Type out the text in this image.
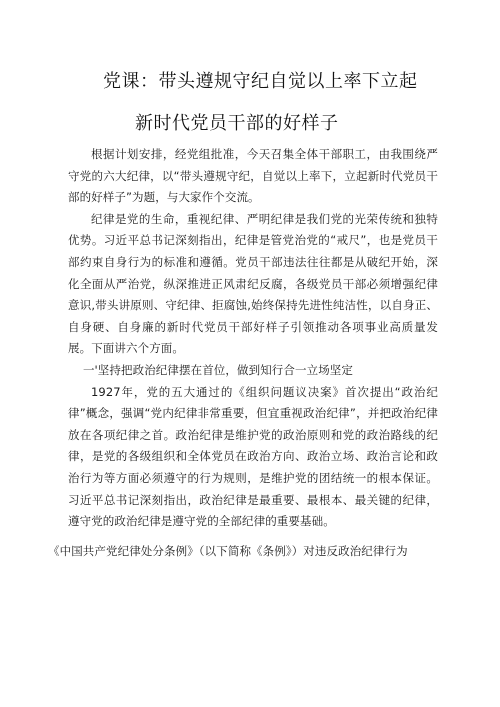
党课：带头遵规守纪自觉以上率下立起
新时代党员干部的好样子

根据计划安排，经党组批准，今天召集全体干部职工，由我围绕严守党的六大纪律，以“带头遵规守纪，自觉以上率下，立起新时代党员干部的好样子”为题，与大家作个交流。

纪律是党的生命，重视纪律、严明纪律是我们党的光荣传统和独特优势。习近平总书记深刻指出，纪律是管党治党的“戒尺”，也是党员干部约束自身行为的标准和遵循。党员干部违法往往都是从破纪开始，深化全面从严治党，纵深推进正风肃纪反腐，各级党员干部必须增强纪律意识,带头讲原则、守纪律、拒腐蚀,始终保持先进性纯洁性，以自身正、自身硬、自身廉的新时代党员干部好样子引领推动各项事业高质量发展。下面讲六个方面。

一'坚持把政治纪律摆在首位，做到知行合一立场坚定

1927年，党的五大通过的《组织问题议决案》首次提出“政治纪律”概念，强调“党内纪律非常重要，但宜重视政治纪律”，并把政治纪律放在各项纪律之首。政治纪律是维护党的政治原则和党的政治路线的纪律，是党的各级组织和全体党员在政治方向、政治立场、政治言论和政治行为等方面必须遵守的行为规则，是维护党的团结统一的根本保证。习近平总书记深刻指出，政治纪律是最重要、最根本、最关键的纪律，遵守党的政治纪律是遵守党的全部纪律的重要基础。

《中国共产党纪律处分条例》（以下简称《条例》）对违反政治纪律行为
